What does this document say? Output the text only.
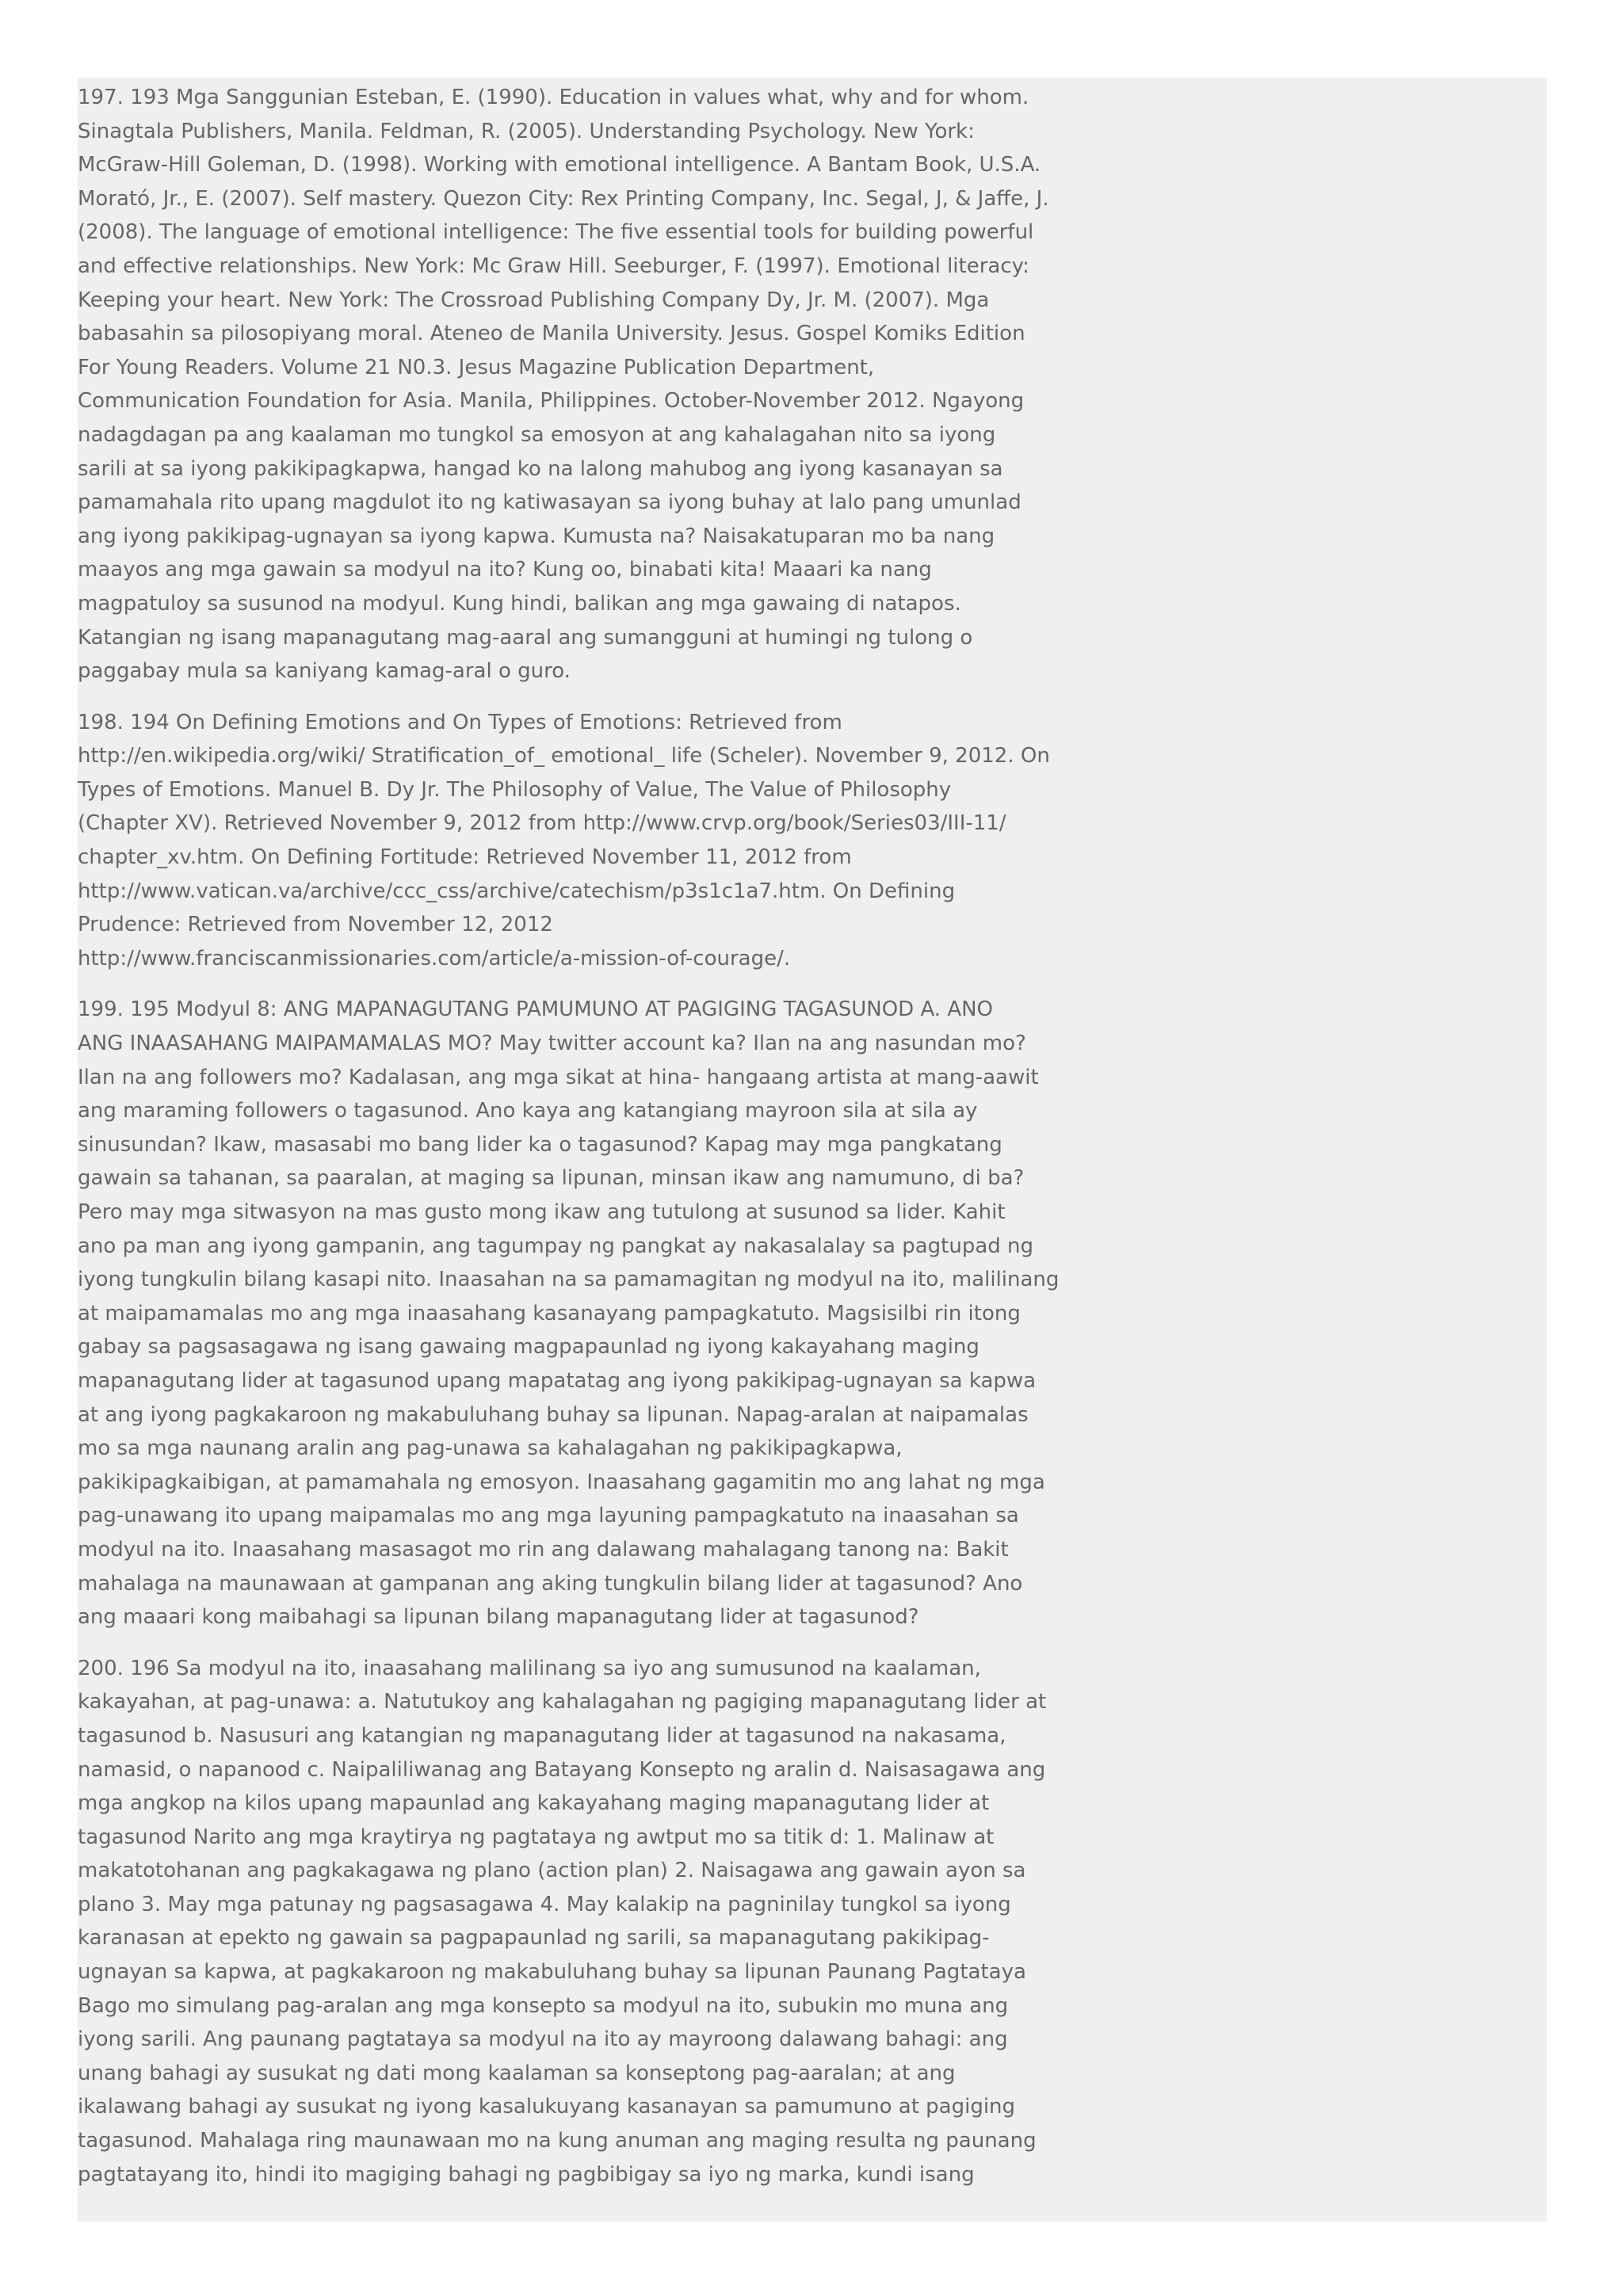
197. 193 Mga Sanggunian Esteban, E. (1990). Education in values what, why and for whom.
Sinagtala Publishers, Manila. Feldman, R. (2005). Understanding Psychology. New York:
McGraw-Hill Goleman, D. (1998). Working with emotional intelligence. A Bantam Book, U.S.A.
Morató, Jr., E. (2007). Self mastery. Quezon City: Rex Printing Company, Inc. Segal, J, & Jaffe, J.
(2008). The language of emotional intelligence: The five essential tools for building powerful
and effective relationships. New York: Mc Graw Hill. Seeburger, F. (1997). Emotional literacy:
Keeping your heart. New York: The Crossroad Publishing Company Dy, Jr. M. (2007). Mga
babasahin sa pilosopiyang moral. Ateneo de Manila University. Jesus. Gospel Komiks Edition
For Young Readers. Volume 21 N0.3. Jesus Magazine Publication Department,
Communication Foundation for Asia. Manila, Philippines. October-November 2012. Ngayong
nadagdagan pa ang kaalaman mo tungkol sa emosyon at ang kahalagahan nito sa iyong
sarili at sa iyong pakikipagkapwa, hangad ko na lalong mahubog ang iyong kasanayan sa
pamamahala rito upang magdulot ito ng katiwasayan sa iyong buhay at lalo pang umunlad
ang iyong pakikipag-ugnayan sa iyong kapwa. Kumusta na? Naisakatuparan mo ba nang
maayos ang mga gawain sa modyul na ito? Kung oo, binabati kita! Maaari ka nang
magpatuloy sa susunod na modyul. Kung hindi, balikan ang mga gawaing di natapos.
Katangian ng isang mapanagutang mag-aaral ang sumangguni at humingi ng tulong o
paggabay mula sa kaniyang kamag-aral o guro.

198. 194 On Defining Emotions and On Types of Emotions: Retrieved from
http://en.wikipedia.org/wiki/ Stratification_of_ emotional_ life (Scheler). November 9, 2012. On
Types of Emotions. Manuel B. Dy Jr. The Philosophy of Value, The Value of Philosophy
(Chapter XV). Retrieved November 9, 2012 from http://www.crvp.org/book/Series03/III-11/
chapter_xv.htm. On Defining Fortitude: Retrieved November 11, 2012 from
http://www.vatican.va/archive/ccc_css/archive/catechism/p3s1c1a7.htm. On Defining
Prudence: Retrieved from November 12, 2012
http://www.franciscanmissionaries.com/article/a-mission-of-courage/.

199. 195 Modyul 8: ANG MAPANAGUTANG PAMUMUNO AT PAGIGING TAGASUNOD A. ANO
ANG INAASAHANG MAIPAMAMALAS MO? May twitter account ka? Ilan na ang nasundan mo?
Ilan na ang followers mo? Kadalasan, ang mga sikat at hina- hangaang artista at mang-aawit
ang maraming followers o tagasunod. Ano kaya ang katangiang mayroon sila at sila ay
sinusundan? Ikaw, masasabi mo bang lider ka o tagasunod? Kapag may mga pangkatang
gawain sa tahanan, sa paaralan, at maging sa lipunan, minsan ikaw ang namumuno, di ba?
Pero may mga sitwasyon na mas gusto mong ikaw ang tutulong at susunod sa lider. Kahit
ano pa man ang iyong gampanin, ang tagumpay ng pangkat ay nakasalalay sa pagtupad ng
iyong tungkulin bilang kasapi nito. Inaasahan na sa pamamagitan ng modyul na ito, malilinang
at maipamamalas mo ang mga inaasahang kasanayang pampagkatuto. Magsisilbi rin itong
gabay sa pagsasagawa ng isang gawaing magpapaunlad ng iyong kakayahang maging
mapanagutang lider at tagasunod upang mapatatag ang iyong pakikipag-ugnayan sa kapwa
at ang iyong pagkakaroon ng makabuluhang buhay sa lipunan. Napag-aralan at naipamalas
mo sa mga naunang aralin ang pag-unawa sa kahalagahan ng pakikipagkapwa,
pakikipagkaibigan, at pamamahala ng emosyon. Inaasahang gagamitin mo ang lahat ng mga
pag-unawang ito upang maipamalas mo ang mga layuning pampagkatuto na inaasahan sa
modyul na ito. Inaasahang masasagot mo rin ang dalawang mahalagang tanong na: Bakit
mahalaga na maunawaan at gampanan ang aking tungkulin bilang lider at tagasunod? Ano
ang maaari kong maibahagi sa lipunan bilang mapanagutang lider at tagasunod?

200. 196 Sa modyul na ito, inaasahang malilinang sa iyo ang sumusunod na kaalaman,
kakayahan, at pag-unawa: a. Natutukoy ang kahalagahan ng pagiging mapanagutang lider at
tagasunod b. Nasusuri ang katangian ng mapanagutang lider at tagasunod na nakasama,
namasid, o napanood c. Naipaliliwanag ang Batayang Konsepto ng aralin d. Naisasagawa ang
mga angkop na kilos upang mapaunlad ang kakayahang maging mapanagutang lider at
tagasunod Narito ang mga kraytirya ng pagtataya ng awtput mo sa titik d: 1. Malinaw at
makatotohanan ang pagkakagawa ng plano (action plan) 2. Naisagawa ang gawain ayon sa
plano 3. May mga patunay ng pagsasagawa 4. May kalakip na pagninilay tungkol sa iyong
karanasan at epekto ng gawain sa pagpapaunlad ng sarili, sa mapanagutang pakikipag-
ugnayan sa kapwa, at pagkakaroon ng makabuluhang buhay sa lipunan Paunang Pagtataya
Bago mo simulang pag-aralan ang mga konsepto sa modyul na ito, subukin mo muna ang
iyong sarili. Ang paunang pagtataya sa modyul na ito ay mayroong dalawang bahagi: ang
unang bahagi ay susukat ng dati mong kaalaman sa konseptong pag-aaralan; at ang
ikalawang bahagi ay susukat ng iyong kasalukuyang kasanayan sa pamumuno at pagiging
tagasunod. Mahalaga ring maunawaan mo na kung anuman ang maging resulta ng paunang
pagtatayang ito, hindi ito magiging bahagi ng pagbibigay sa iyo ng marka, kundi isang
